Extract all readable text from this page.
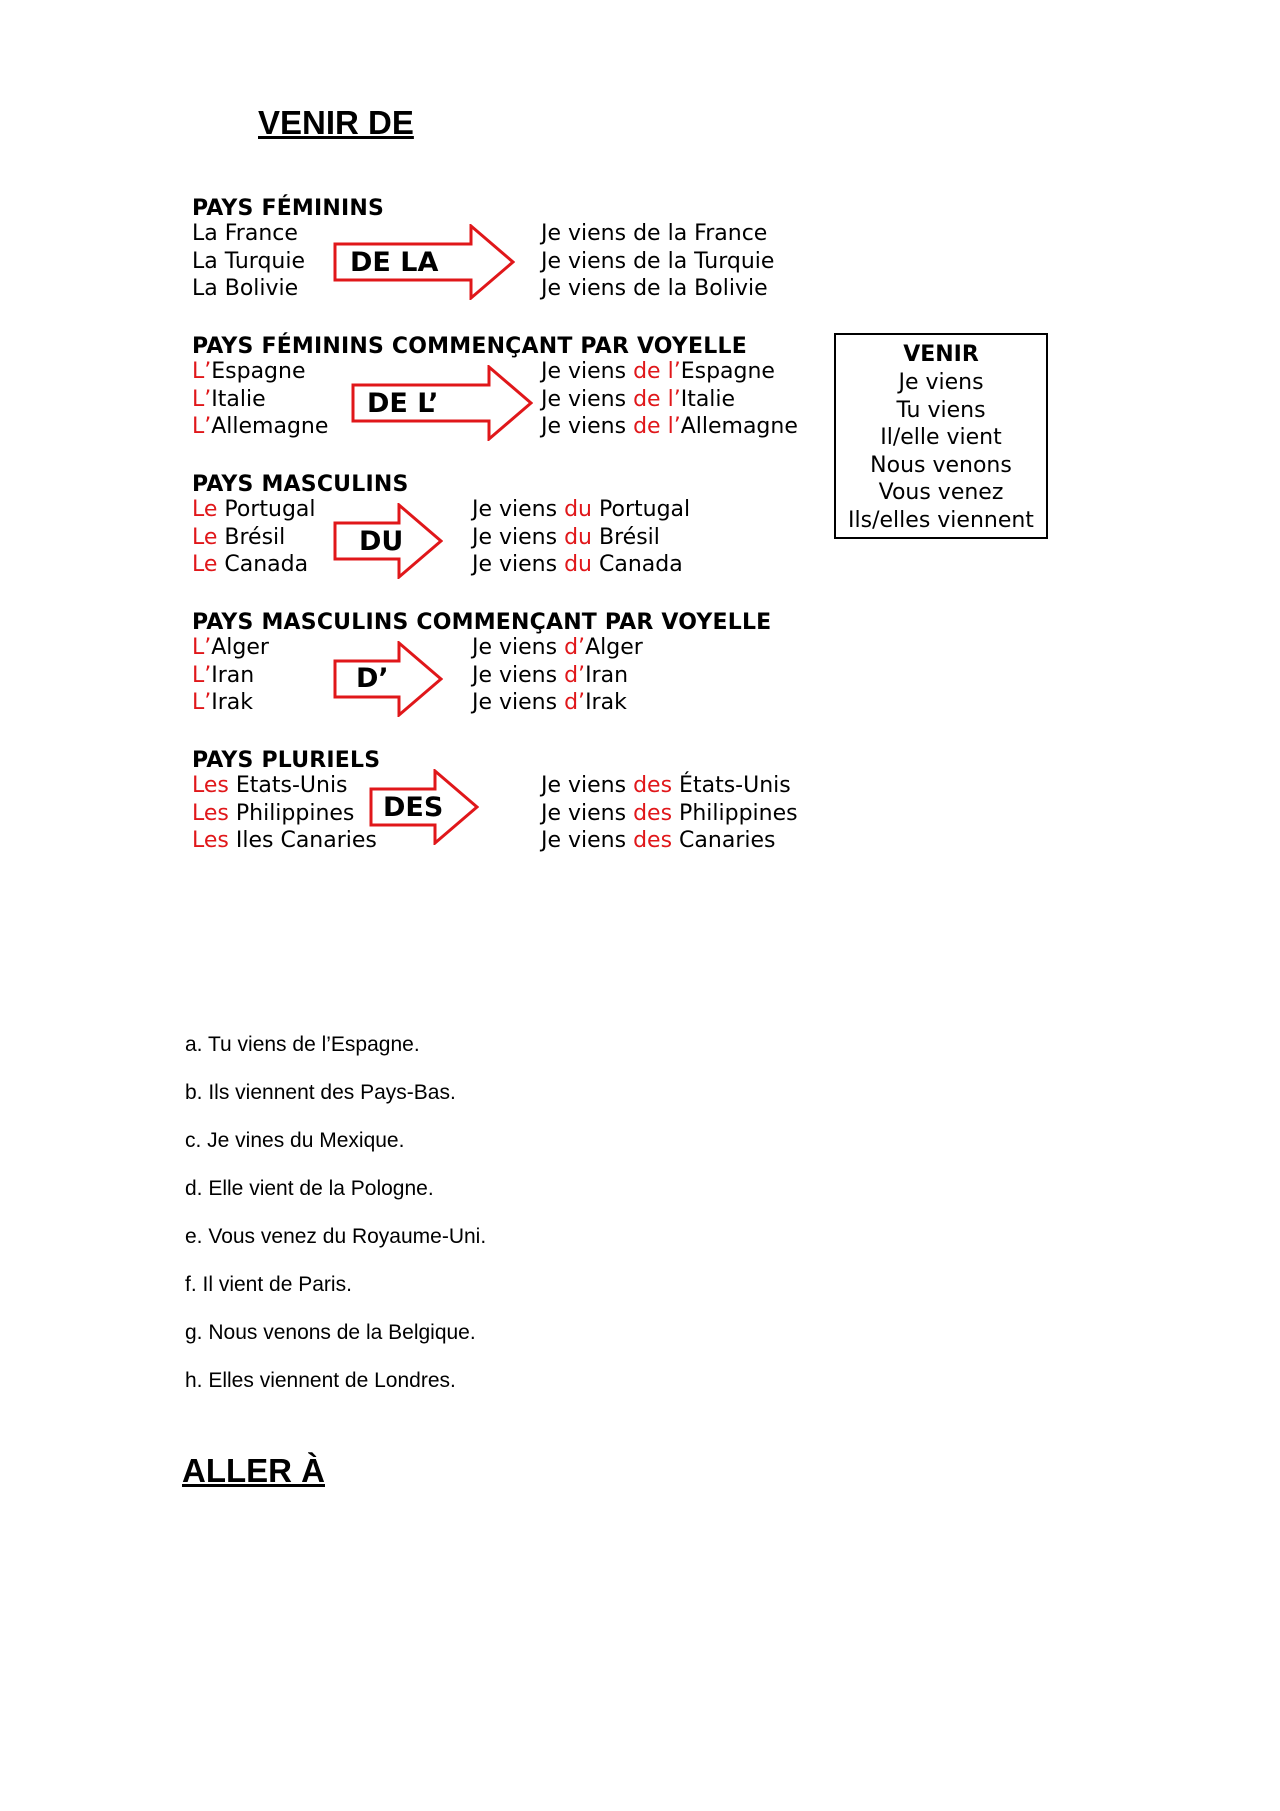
VENIR DE
PAYS FÉMININS
La France
La Turquie
La Bolivie
Je viens de la France
Je viens de la Turquie
Je viens de la Bolivie
DE LA
PAYS FÉMININS COMMENÇANT PAR VOYELLE
L’Espagne
L’Italie
L’Allemagne
Je viens de l’Espagne
Je viens de l’Italie
Je viens de l’Allemagne
DE L’
PAYS MASCULINS
Le Portugal
Le Brésil
Le Canada
Je viens du Portugal
Je viens du Brésil
Je viens du Canada
DU
PAYS MASCULINS COMMENÇANT PAR VOYELLE
L’Alger
L’Iran
L’Irak
Je viens d’Alger
Je viens d’Iran
Je viens d’Irak
D’
PAYS PLURIELS
Les Etats-Unis
Les Philippines
Les Iles Canaries
Je viens des États-Unis
Je viens des Philippines
Je viens des Canaries
DES
VENIR
Je viens
Tu viens
Il/elle vient
Nous venons
Vous venez
Ils/elles viennent
a. Tu viens de l’Espagne.
b. Ils viennent des Pays-Bas.
c. Je vines du Mexique.
d. Elle vient de la Pologne.
e. Vous venez du Royaume-Uni.
f. Il vient de Paris.
g. Nous venons de la Belgique.
h. Elles viennent de Londres.
ALLER À
